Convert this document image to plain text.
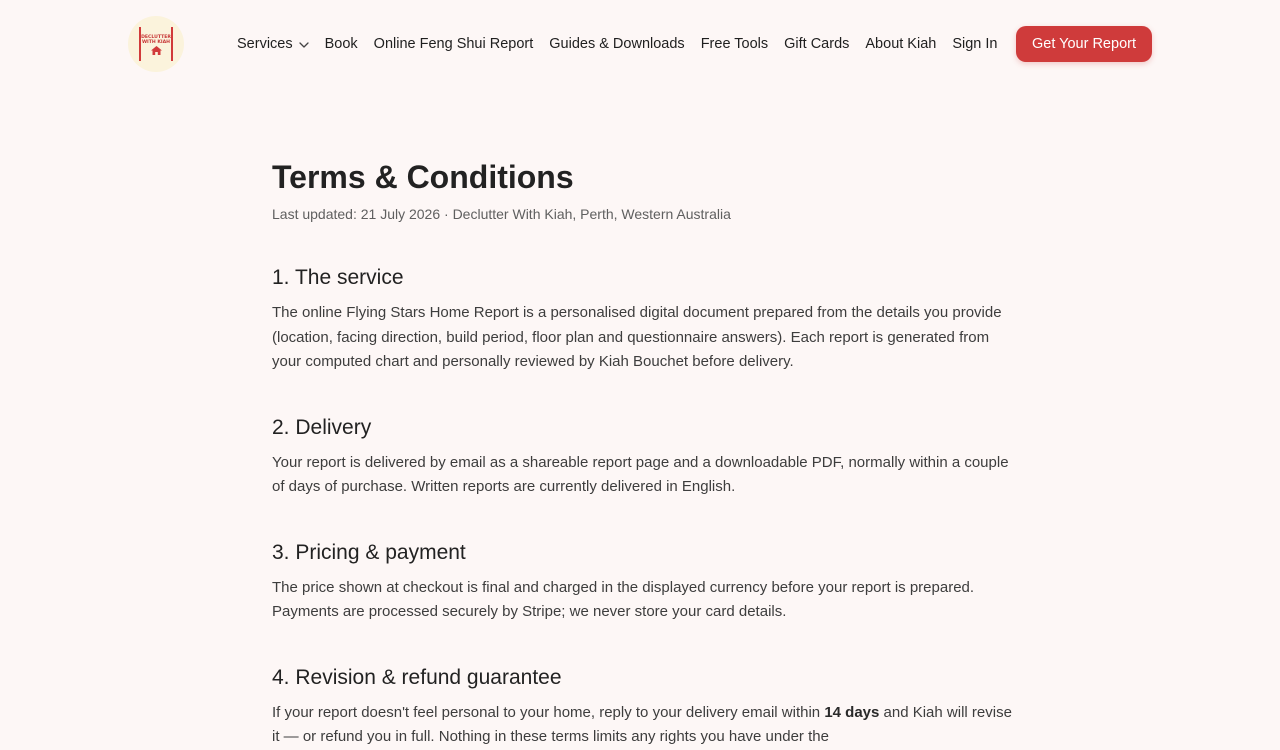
DECLUTTER WITH KIAH	Services Book Online Feng Shui Report Guides & Downloads Free Tools Gift Cards About Kiah Sign In	Get Your Report
Terms & Conditions
Last updated: 21 July 2026 · Declutter With Kiah, Perth, Western Australia
1. The service

The online Flying Stars Home Report is a personalised digital document prepared from the details you provide (location, facing direction, build period, floor plan and questionnaire answers). Each report is generated from your computed chart and personally reviewed by Kiah Bouchet before delivery.

2. Delivery

Your report is delivered by email as a shareable report page and a downloadable PDF, normally within a couple of days of purchase. Written reports are currently delivered in English.

3. Pricing & payment

The price shown at checkout is final and charged in the displayed currency before your report is prepared. Payments are processed securely by Stripe; we never store your card details.

4. Revision & refund guarantee

If your report doesn't feel personal to your home, reply to your delivery email within 14 days and Kiah will revise it — or refund you in full. Nothing in these terms limits any rights you have under the
